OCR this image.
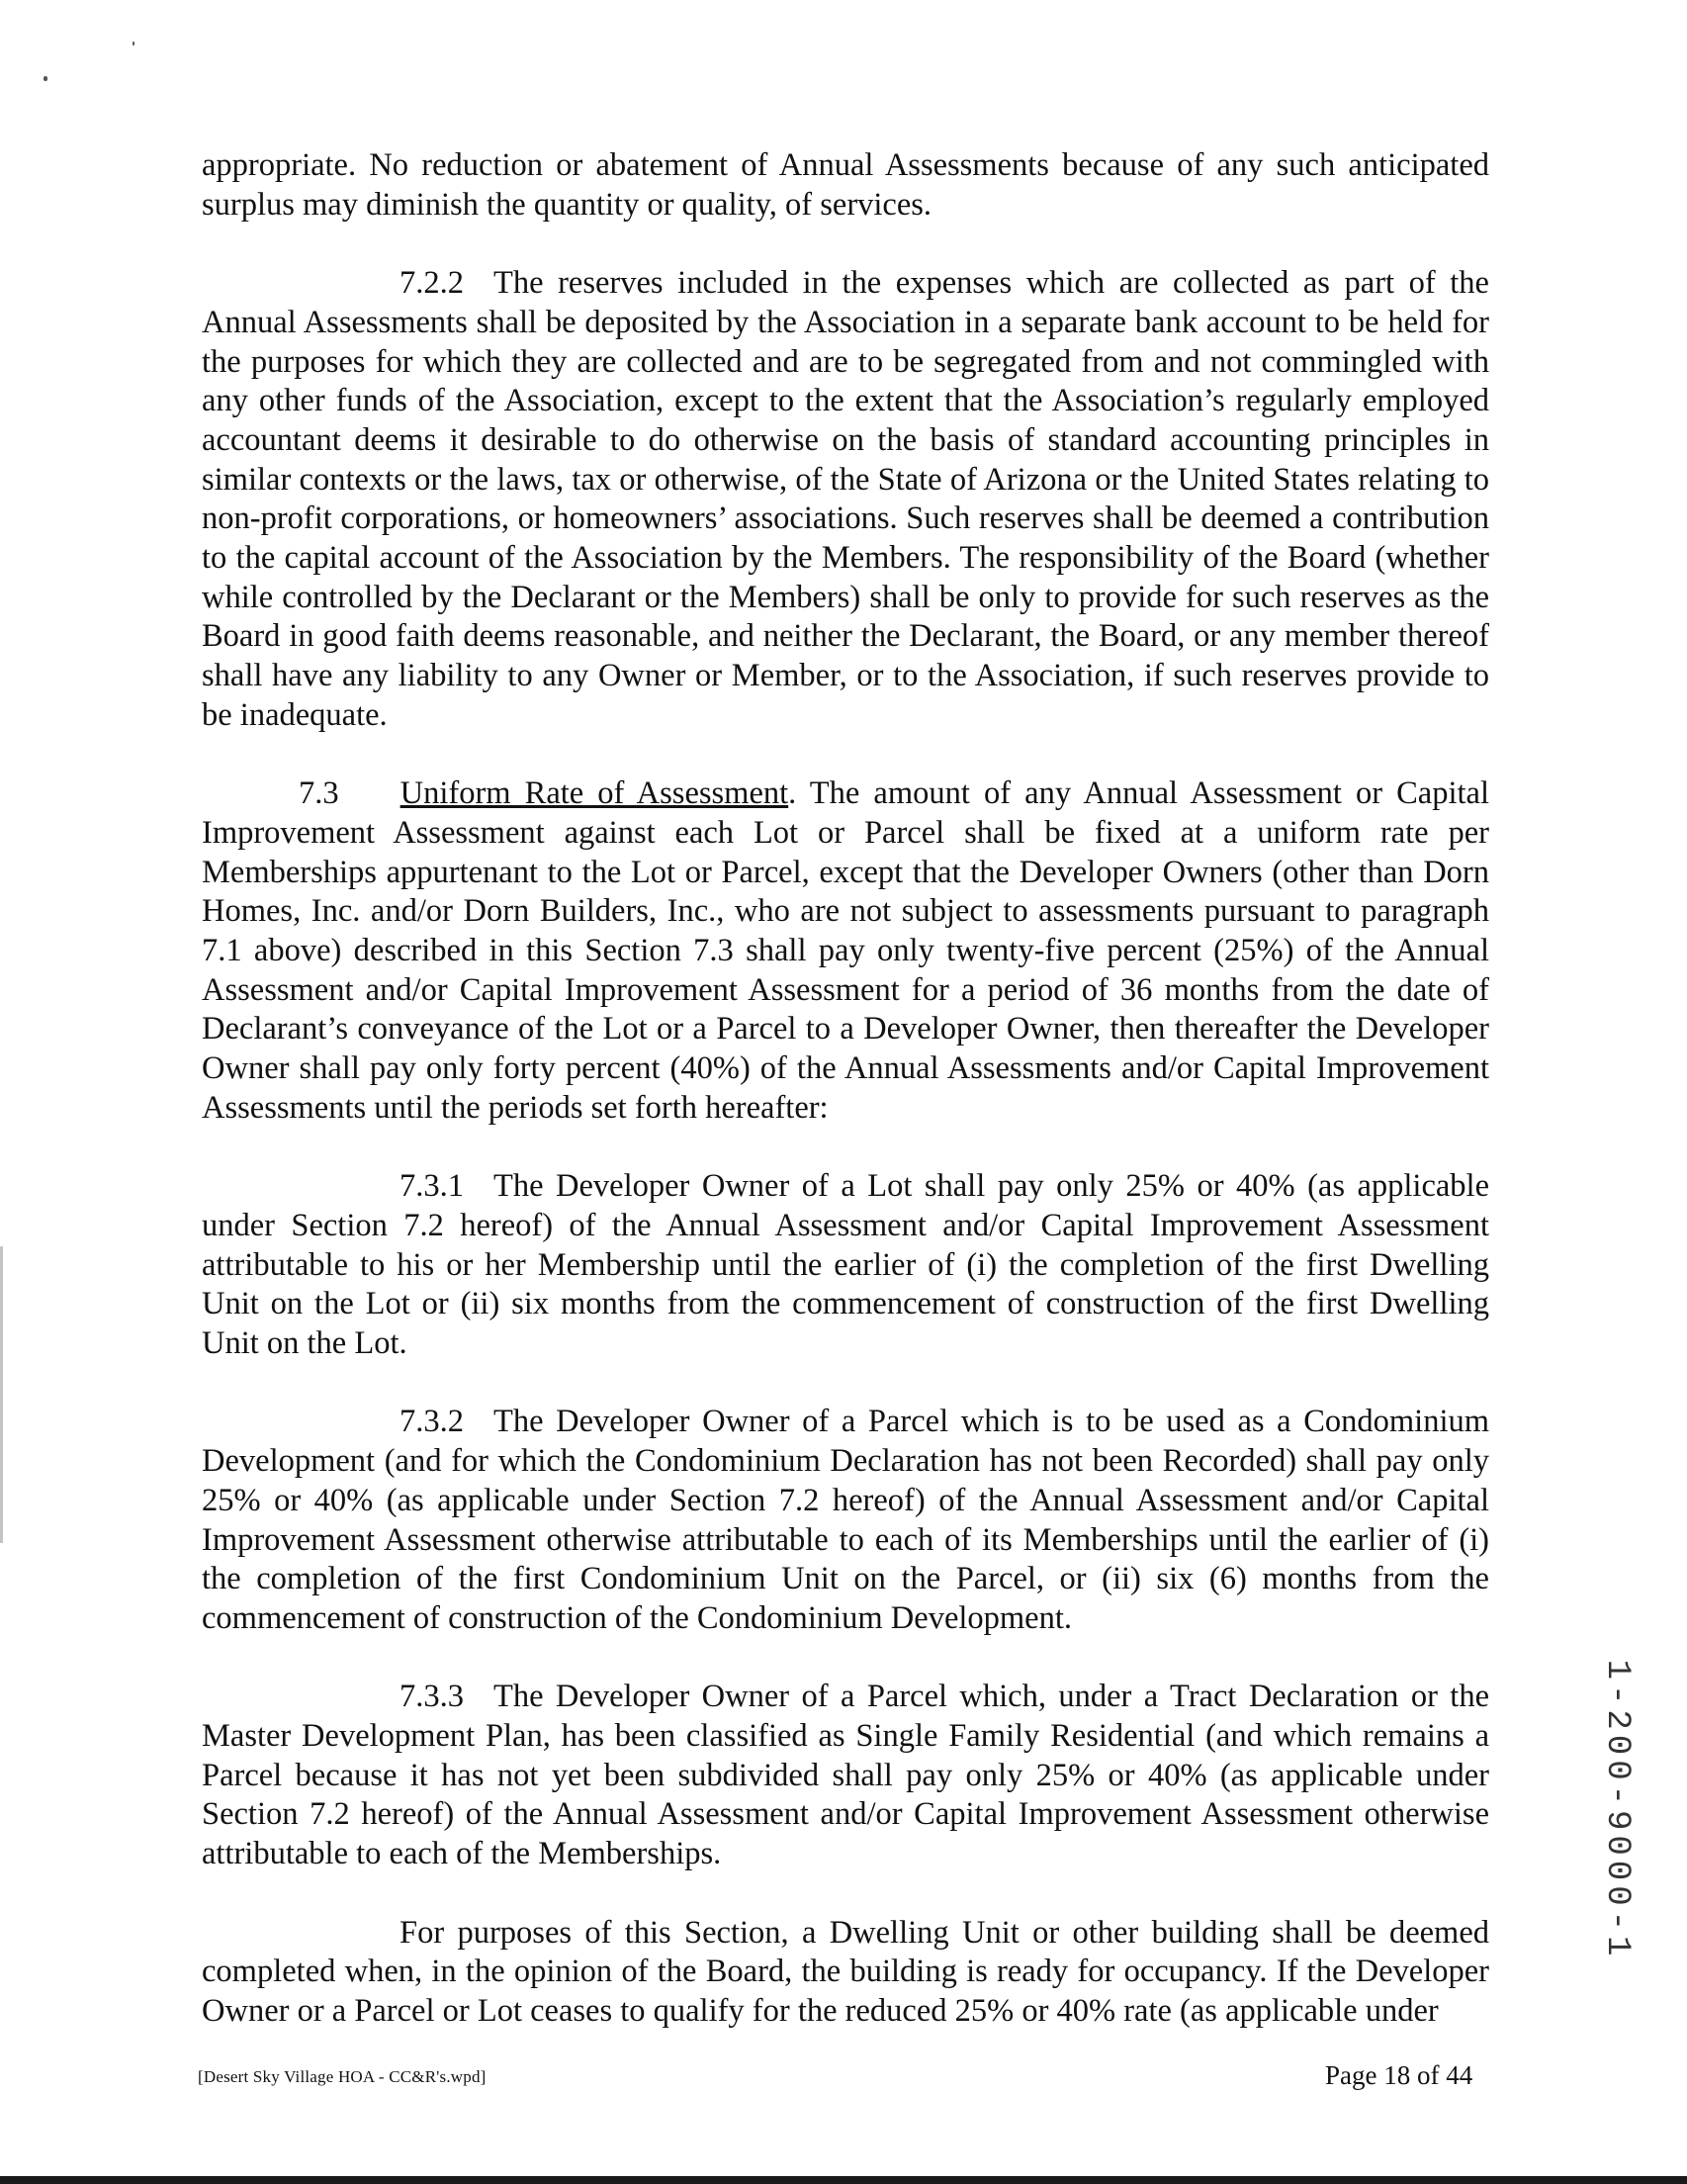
appropriate. No reduction or abatement of Annual Assessments because of any such anticipated surplus may diminish the quantity or quality, of services.

7.2.2 The reserves included in the expenses which are collected as part of the Annual Assessments shall be deposited by the Association in a separate bank account to be held for the purposes for which they are collected and are to be segregated from and not commingled with any other funds of the Association, except to the extent that the Association’s regularly employed accountant deems it desirable to do otherwise on the basis of standard accounting principles in similar contexts or the laws, tax or otherwise, of the State of Arizona or the United States relating to non-profit corporations, or homeowners’ associations. Such reserves shall be deemed a contribution to the capital account of the Association by the Members. The responsibility of the Board (whether while controlled by the Declarant or the Members) shall be only to provide for such reserves as the Board in good faith deems reasonable, and neither the Declarant, the Board, or any member thereof shall have any liability to any Owner or Member, or to the Association, if such reserves provide to be inadequate.

7.3 Uniform Rate of Assessment. The amount of any Annual Assessment or Capital Improvement Assessment against each Lot or Parcel shall be fixed at a uniform rate per Memberships appurtenant to the Lot or Parcel, except that the Developer Owners (other than Dorn Homes, Inc. and/or Dorn Builders, Inc., who are not subject to assessments pursuant to paragraph 7.1 above) described in this Section 7.3 shall pay only twenty-five percent (25%) of the Annual Assessment and/or Capital Improvement Assessment for a period of 36 months from the date of Declarant’s conveyance of the Lot or a Parcel to a Developer Owner, then thereafter the Developer Owner shall pay only forty percent (40%) of the Annual Assessments and/or Capital Improvement Assessments until the periods set forth hereafter:

7.3.1 The Developer Owner of a Lot shall pay only 25% or 40% (as applicable under Section 7.2 hereof) of the Annual Assessment and/or Capital Improvement Assessment attributable to his or her Membership until the earlier of (i) the completion of the first Dwelling Unit on the Lot or (ii) six months from the commencement of construction of the first Dwelling Unit on the Lot.

7.3.2 The Developer Owner of a Parcel which is to be used as a Condominium Development (and for which the Condominium Declaration has not been Recorded) shall pay only 25% or 40% (as applicable under Section 7.2 hereof) of the Annual Assessment and/or Capital Improvement Assessment otherwise attributable to each of its Memberships until the earlier of (i) the completion of the first Condominium Unit on the Parcel, or (ii) six (6) months from the commencement of construction of the Condominium Development.

7.3.3 The Developer Owner of a Parcel which, under a Tract Declaration or the Master Development Plan, has been classified as Single Family Residential (and which remains a Parcel because it has not yet been subdivided shall pay only 25% or 40% (as applicable under Section 7.2 hereof) of the Annual Assessment and/or Capital Improvement Assessment otherwise attributable to each of the Memberships.

For purposes of this Section, a Dwelling Unit or other building shall be deemed completed when, in the opinion of the Board, the building is ready for occupancy. If the Developer Owner or a Parcel or Lot ceases to qualify for the reduced 25% or 40% rate (as applicable under

[Desert Sky Village HOA - CC&R's.wpd]	Page 18 of 44
1-200-9000-1
